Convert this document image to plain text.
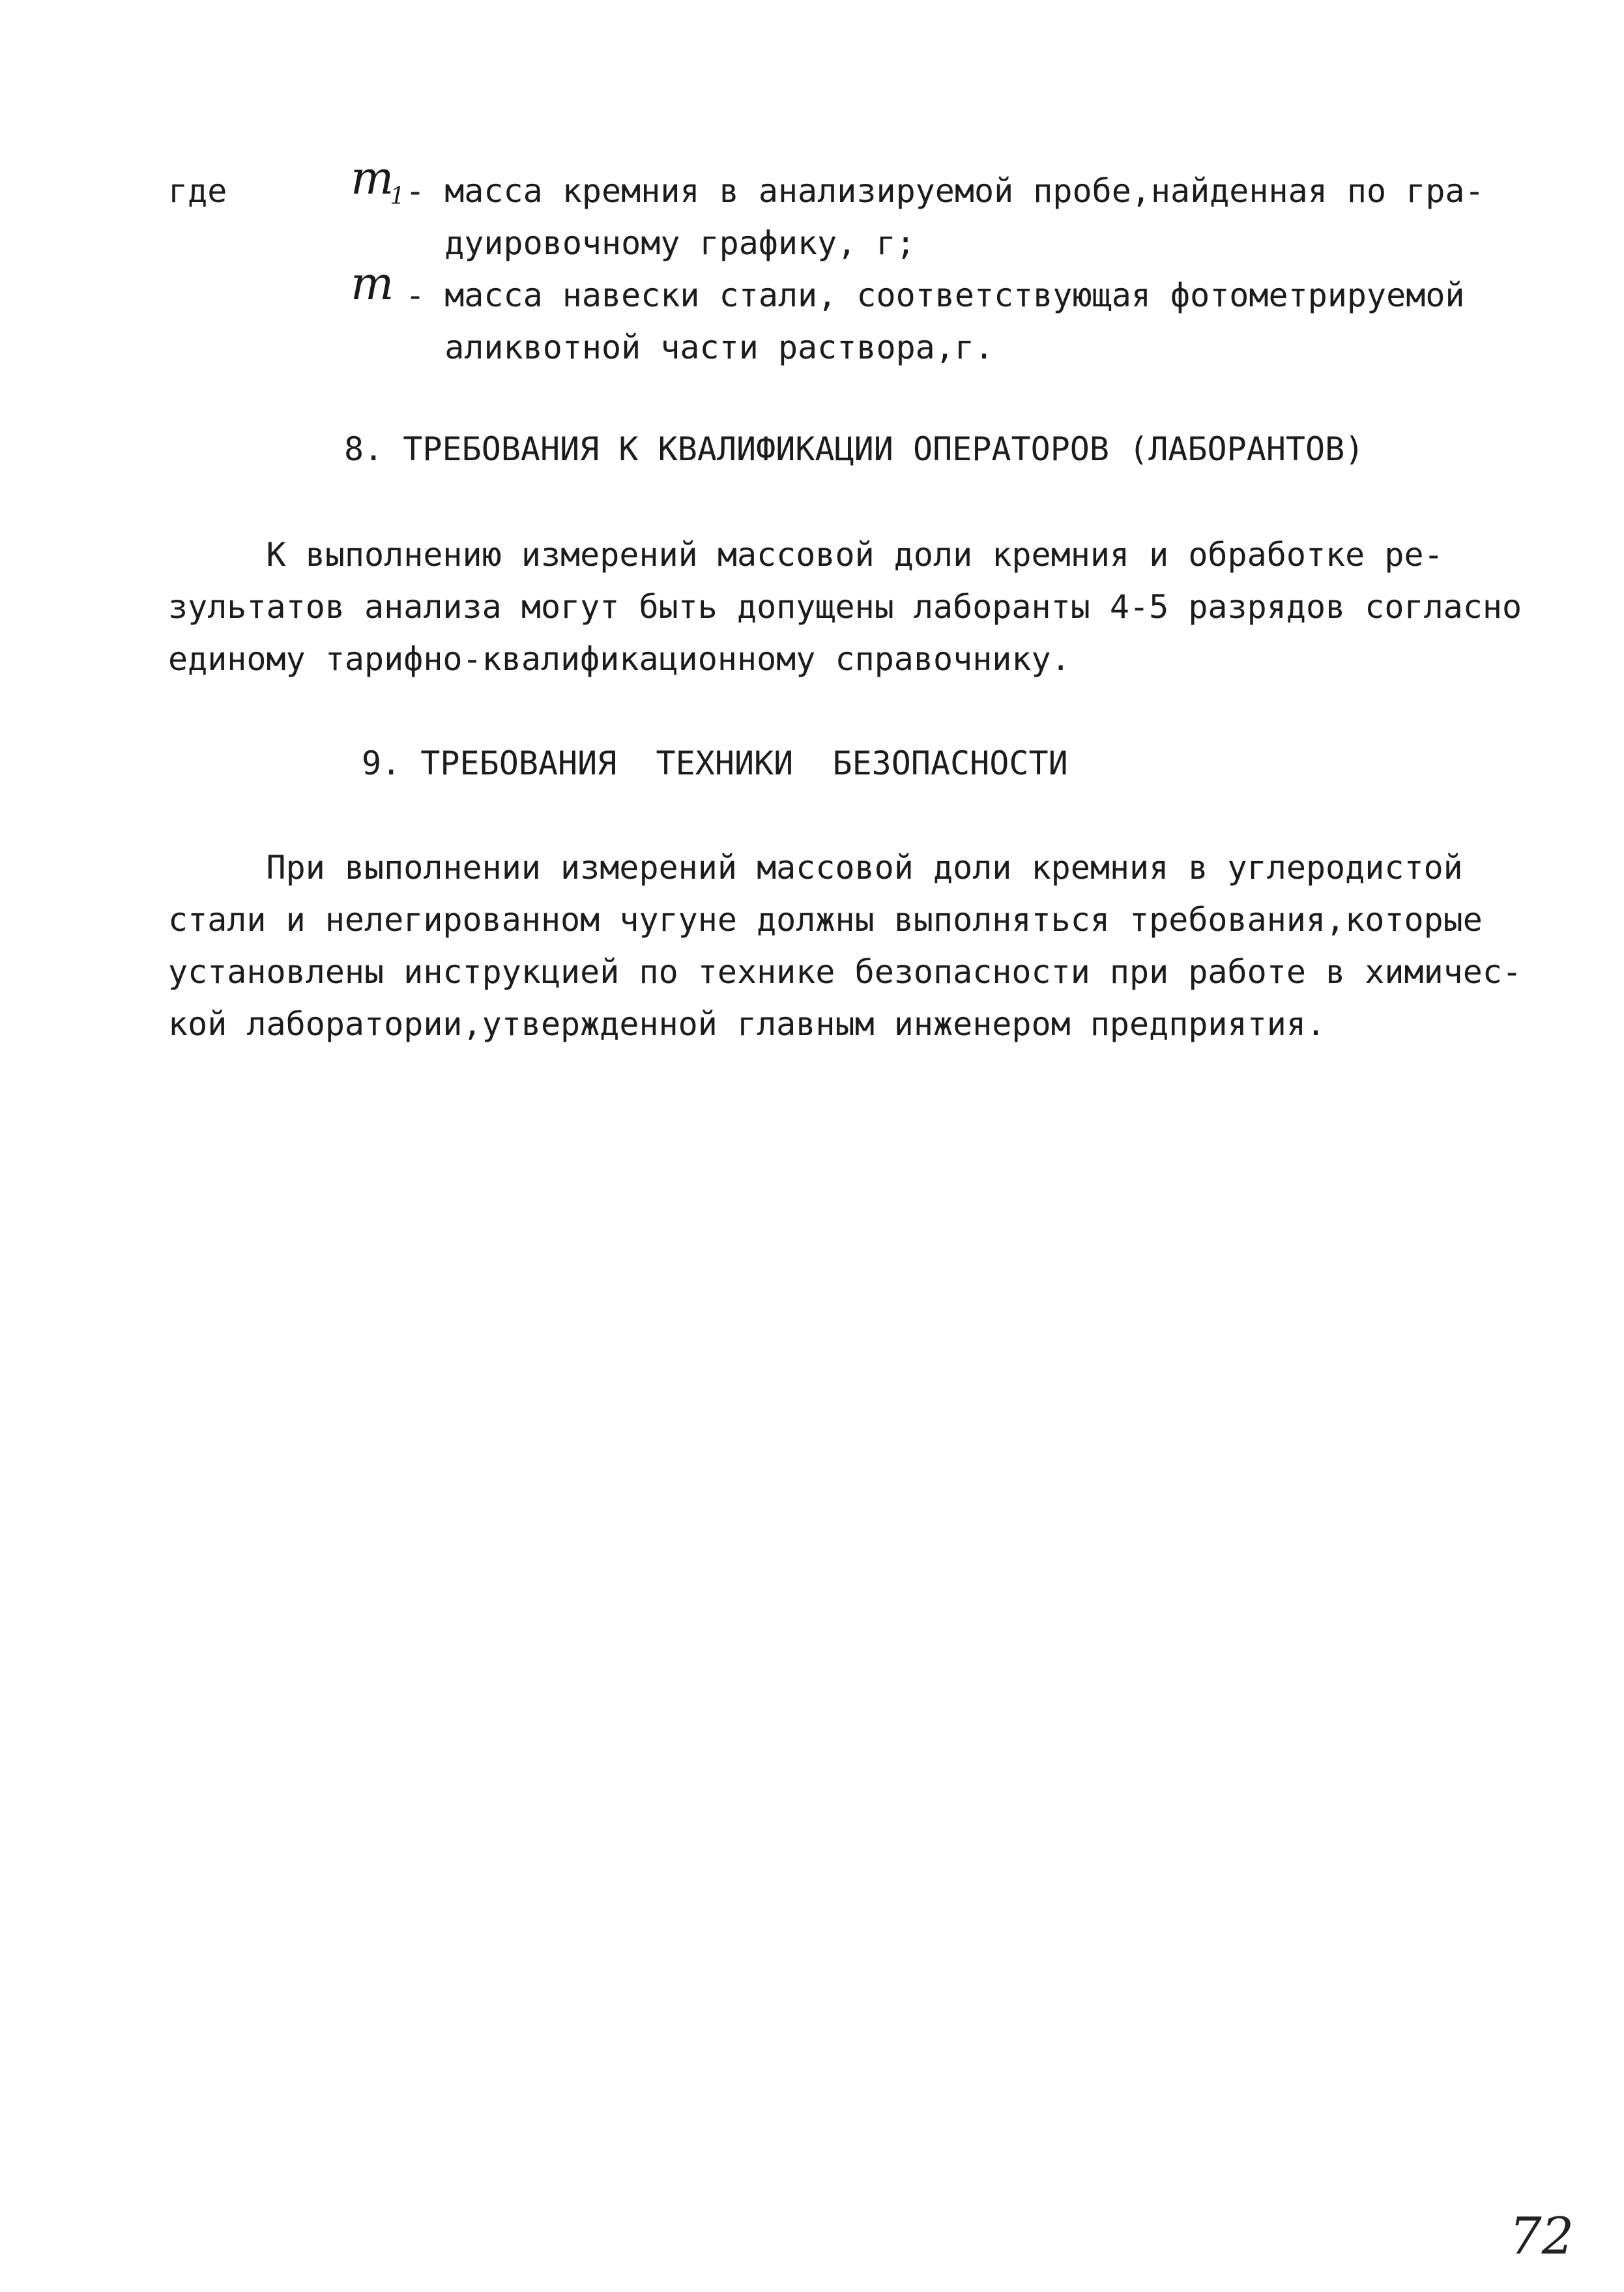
где	$m_1$ - масса кремния в анализируемой пробе,найденная по гра-
дуировочному графику, г;
m - масса навески стали, соответствующая фотометрируемой
аликвотной части раствора,г.
8. ТРЕБОВАНИЯ К КВАЛИФИКАЦИИ ОПЕРАТОРОВ (ЛАБОРАНТОВ)
К выполнению измерений массовой доли кремния и обработке ре-
зультатов анализа могут быть допущены лаборанты 4-5 разрядов согласно
единому тарифно-квалификационному справочнику.
9. ТРЕБОВАНИЯ  ТЕХНИКИ  БЕЗОПАСНОСТИ
При выполнении измерений массовой доли кремния в углеродистой
стали и нелегированном чугуне должны выполняться требования,которые
установлены инструкцией по технике безопасности при работе в химичес-
кой лаборатории,утвержденной главным инженером предприятия.
72
